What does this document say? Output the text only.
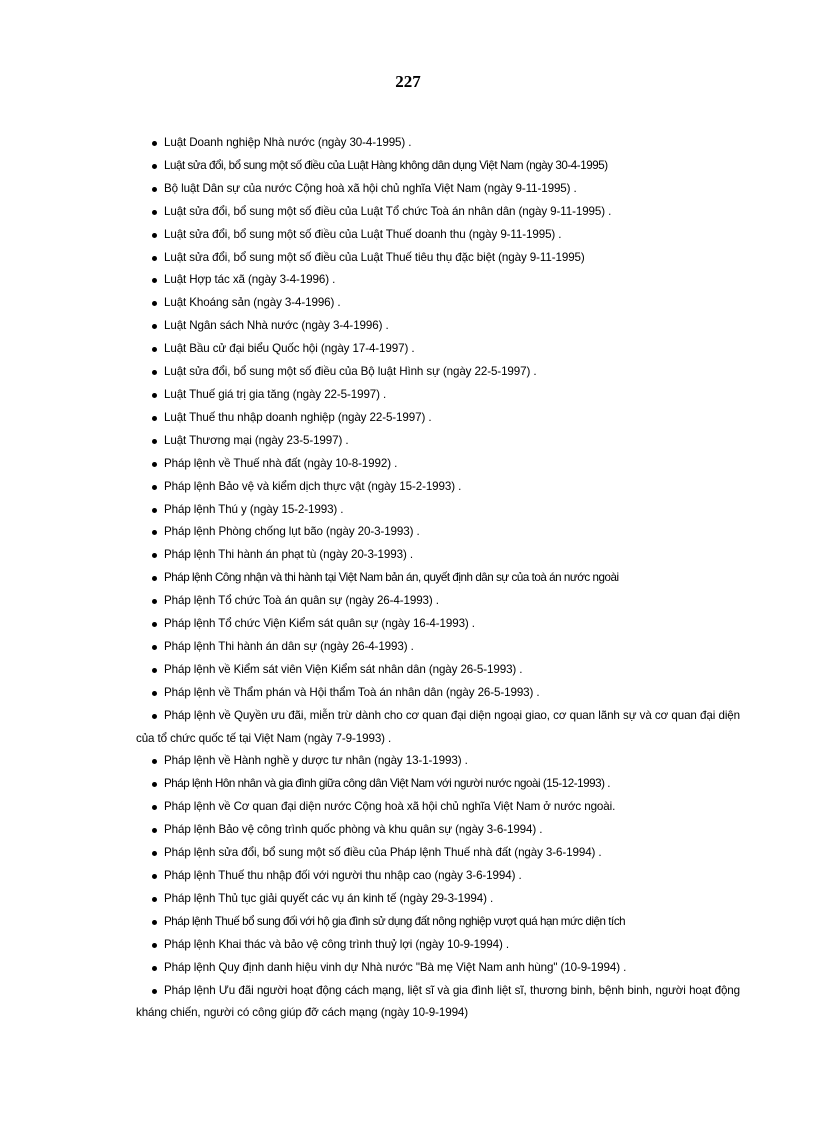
227
Luật Doanh nghiệp Nhà nước (ngày 30-4-1995) .
Luật sửa đổi, bổ sung một số điều của Luật Hàng không dân dụng Việt Nam (ngày 30-4-1995)
Bộ luật Dân sự của nước Cộng hoà xã hội chủ nghĩa Việt Nam (ngày 9-11-1995) .
Luật sửa đổi, bổ sung một số điều của Luật Tổ chức Toà án nhân dân (ngày 9-11-1995) .
Luật sửa đổi, bổ sung một số điều của Luật Thuế doanh thu (ngày 9-11-1995) .
Luật sửa đổi, bổ sung một số điều của Luật Thuế tiêu thụ đặc biệt (ngày 9-11-1995)
Luật Hợp tác xã (ngày 3-4-1996) .
Luật Khoáng sản (ngày 3-4-1996) .
Luật Ngân sách Nhà nước (ngày 3-4-1996) .
Luật Bầu cử đại biểu Quốc hội (ngày 17-4-1997) .
Luật sửa đổi, bổ sung một số điều của Bộ luật Hình sự (ngày 22-5-1997) .
Luật Thuế giá trị gia tăng (ngày 22-5-1997) .
Luật Thuế thu nhập doanh nghiệp (ngày 22-5-1997) .
Luật Thương mại (ngày 23-5-1997) .
Pháp lệnh về Thuế nhà đất (ngày 10-8-1992) .
Pháp lệnh Bảo vệ và kiểm dịch thực vật (ngày 15-2-1993) .
Pháp lệnh Thú y (ngày 15-2-1993) .
Pháp lệnh Phòng chống lụt bão (ngày 20-3-1993) .
Pháp lệnh Thi hành án phạt tù (ngày 20-3-1993) .
Pháp lệnh Công nhận và thi hành tại Việt Nam bản án, quyết định dân sự của toà án nước ngoài
Pháp lệnh Tổ chức Toà án quân sự (ngày 26-4-1993) .
Pháp lệnh Tổ chức Viện Kiểm sát quân sự (ngày 16-4-1993) .
Pháp lệnh Thi hành án dân sự (ngày 26-4-1993) .
Pháp lệnh về Kiểm sát viên Viện Kiểm sát nhân dân (ngày 26-5-1993) .
Pháp lệnh về Thẩm phán và Hội thẩm Toà án nhân dân (ngày 26-5-1993) .
Pháp lệnh về Quyền ưu đãi, miễn trừ dành cho cơ quan đại diện ngoại giao, cơ quan lãnh sự và cơ quan đại diện của tổ chức quốc tế tại Việt Nam (ngày 7-9-1993) .
Pháp lệnh về Hành nghề y dược tư nhân (ngày 13-1-1993) .
Pháp lệnh Hôn nhân và gia đình giữa công dân Việt Nam với người nước ngoài (15-12-1993) .
Pháp lệnh về Cơ quan đại diện nước Cộng hoà xã hội chủ nghĩa Việt Nam ở nước ngoài.
Pháp lệnh Bảo vệ công trình quốc phòng và khu quân sự (ngày 3-6-1994) .
Pháp lệnh sửa đổi, bổ sung một số điều của Pháp lệnh Thuế nhà đất (ngày 3-6-1994) .
Pháp lệnh Thuế thu nhập đối với người thu nhập cao (ngày 3-6-1994) .
Pháp lệnh Thủ tục giải quyết các vụ án kinh tế (ngày 29-3-1994) .
Pháp lệnh Thuế bổ sung đối với hộ gia đình sử dụng đất nông nghiệp vượt quá hạn mức diện tích
Pháp lệnh Khai thác và bảo vệ công trình thuỷ lợi (ngày 10-9-1994) .
Pháp lệnh Quy định danh hiệu vinh dự Nhà nước "Bà mẹ Việt Nam anh hùng" (10-9-1994) .
Pháp lệnh Ưu đãi người hoạt động cách mạng, liệt sĩ và gia đình liệt sĩ, thương binh, bệnh binh, người hoạt động kháng chiến, người có công giúp đỡ cách mạng (ngày 10-9-1994)
